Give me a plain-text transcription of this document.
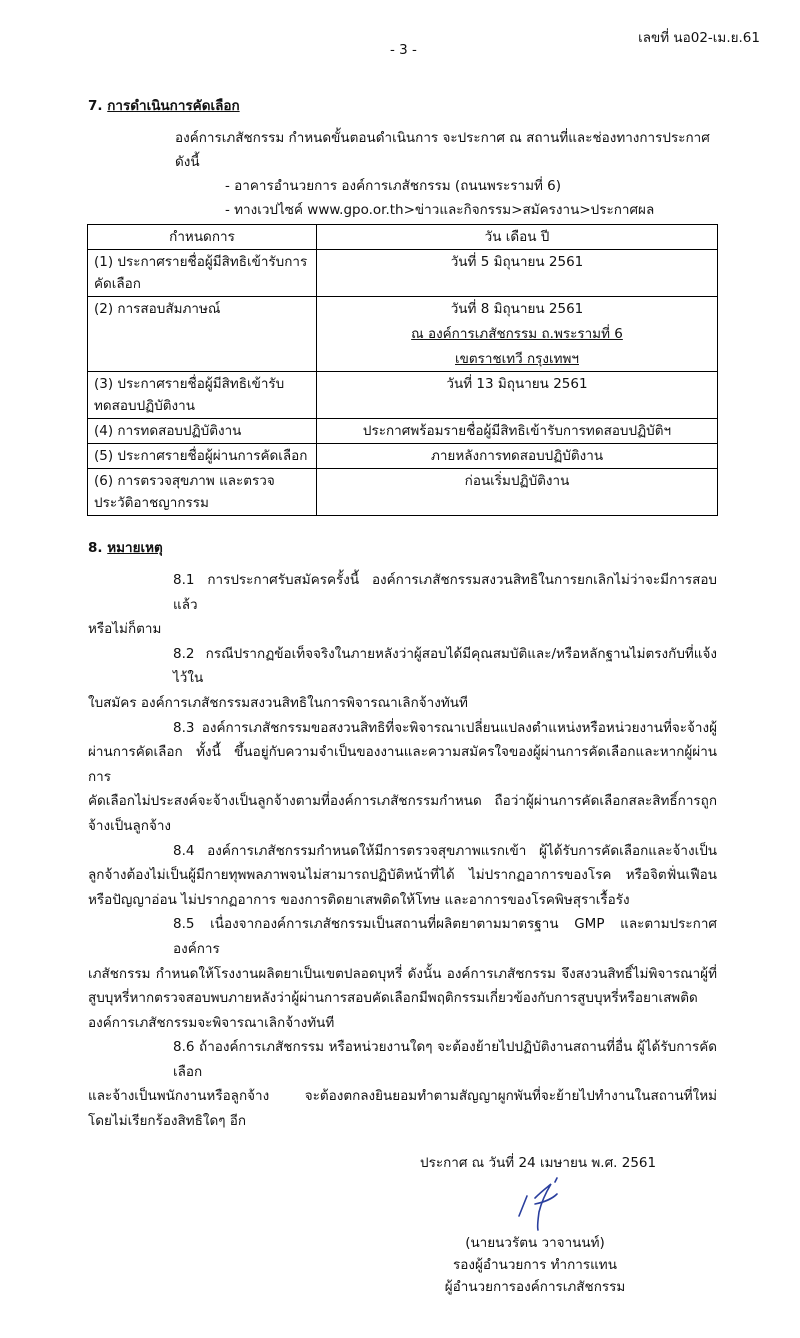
เลขที่ นอ02-เม.ย.61
- 3 -
7. การดำเนินการคัดเลือก
องค์การเภสัชกรรม กำหนดขั้นตอนดำเนินการ จะประกาศ ณ สถานที่และช่องทางการประกาศดังนี้
- อาคารอำนวยการ องค์การเภสัชกรรม (ถนนพระรามที่ 6)
- ทางเวปไซค์ www.gpo.or.th>ข่าวและกิจกรรม>สมัครงาน>ประกาศผล
กำหนดการ	วัน เดือน ปี
(1) ประกาศรายชื่อผู้มีสิทธิเข้ารับการคัดเลือก	วันที่ 5 มิถุนายน 2561
(2) การสอบสัมภาษณ์	วันที่ 8 มิถุนายน 2561
ณ องค์การเภสัชกรรม ถ.พระรามที่ 6
เขตราชเทวี กรุงเทพฯ

(3) ประกาศรายชื่อผู้มีสิทธิเข้ารับทดสอบปฏิบัติงาน	วันที่ 13 มิถุนายน 2561
(4) การทดสอบปฏิบัติงาน	ประกาศพร้อมรายชื่อผู้มีสิทธิเข้ารับการทดสอบปฏิบัติฯ
(5) ประกาศรายชื่อผู้ผ่านการคัดเลือก	ภายหลังการทดสอบปฏิบัติงาน
(6) การตรวจสุขภาพ และตรวจประวัติอาชญากรรม	ก่อนเริ่มปฏิบัติงาน
8. หมายเหตุ
8.1 การประกาศรับสมัครครั้งนี้ องค์การเภสัชกรรมสงวนสิทธิในการยกเลิกไม่ว่าจะมีการสอบแล้ว
หรือไม่ก็ตาม
8.2 กรณีปรากฏข้อเท็จจริงในภายหลังว่าผู้สอบได้มีคุณสมบัติและ/หรือหลักฐานไม่ตรงกับที่แจ้งไว้ใน
ใบสมัคร องค์การเภสัชกรรมสงวนสิทธิในการพิจารณาเลิกจ้างทันที
8.3 องค์การเภสัชกรรมขอสงวนสิทธิที่จะพิจารณาเปลี่ยนแปลงตำแหน่งหรือหน่วยงานที่จะจ้างผู้
ผ่านการคัดเลือก ทั้งนี้ ขึ้นอยู่กับความจำเป็นของงานและความสมัครใจของผู้ผ่านการคัดเลือกและหากผู้ผ่านการ
คัดเลือกไม่ประสงค์จะจ้างเป็นลูกจ้างตามที่องค์การเภสัชกรรมกำหนด ถือว่าผู้ผ่านการคัดเลือกสละสิทธิ์การถูก
จ้างเป็นลูกจ้าง
8.4 องค์การเภสัชกรรมกำหนดให้มีการตรวจสุขภาพแรกเข้า ผู้ได้รับการคัดเลือกและจ้างเป็น
ลูกจ้างต้องไม่เป็นผู้มีกายทุพพลภาพจนไม่สามารถปฏิบัติหน้าที่ได้ ไม่ปรากฏอาการของโรค หรือจิตฟั่นเฟือน
หรือปัญญาอ่อน ไม่ปรากฏอาการ ของการติดยาเสพติดให้โทษ และอาการของโรคพิษสุราเรื้อรัง
8.5 เนื่องจากองค์การเภสัชกรรมเป็นสถานที่ผลิตยาตามมาตรฐาน GMP และตามประกาศองค์การ
เภสัชกรรม กำหนดให้โรงงานผลิตยาเป็นเขตปลอดบุหรี่ ดังนั้น องค์การเภสัชกรรม จึงสงวนสิทธิ์ไม่พิจารณาผู้ที่
สูบบุหรี่หากตรวจสอบพบภายหลังว่าผู้ผ่านการสอบคัดเลือกมีพฤติกรรมเกี่ยวข้องกับการสูบบุหรี่หรือยาเสพติด
องค์การเภสัชกรรมจะพิจารณาเลิกจ้างทันที
8.6 ถ้าองค์การเภสัชกรรม หรือหน่วยงานใดๆ จะต้องย้ายไปปฏิบัติงานสถานที่อื่น ผู้ได้รับการคัดเลือก
และจ้างเป็นพนักงานหรือลูกจ้าง จะต้องตกลงยินยอมทำตามสัญญาผูกพันที่จะย้ายไปทำงานในสถานที่ใหม่
โดยไม่เรียกร้องสิทธิใดๆ อีก
ประกาศ ณ วันที่ 24 เมษายน พ.ศ. 2561
(นายนวรัตน วาจานนท์)
รองผู้อำนวยการ ทำการแทน
ผู้อำนวยการองค์การเภสัชกรรม
